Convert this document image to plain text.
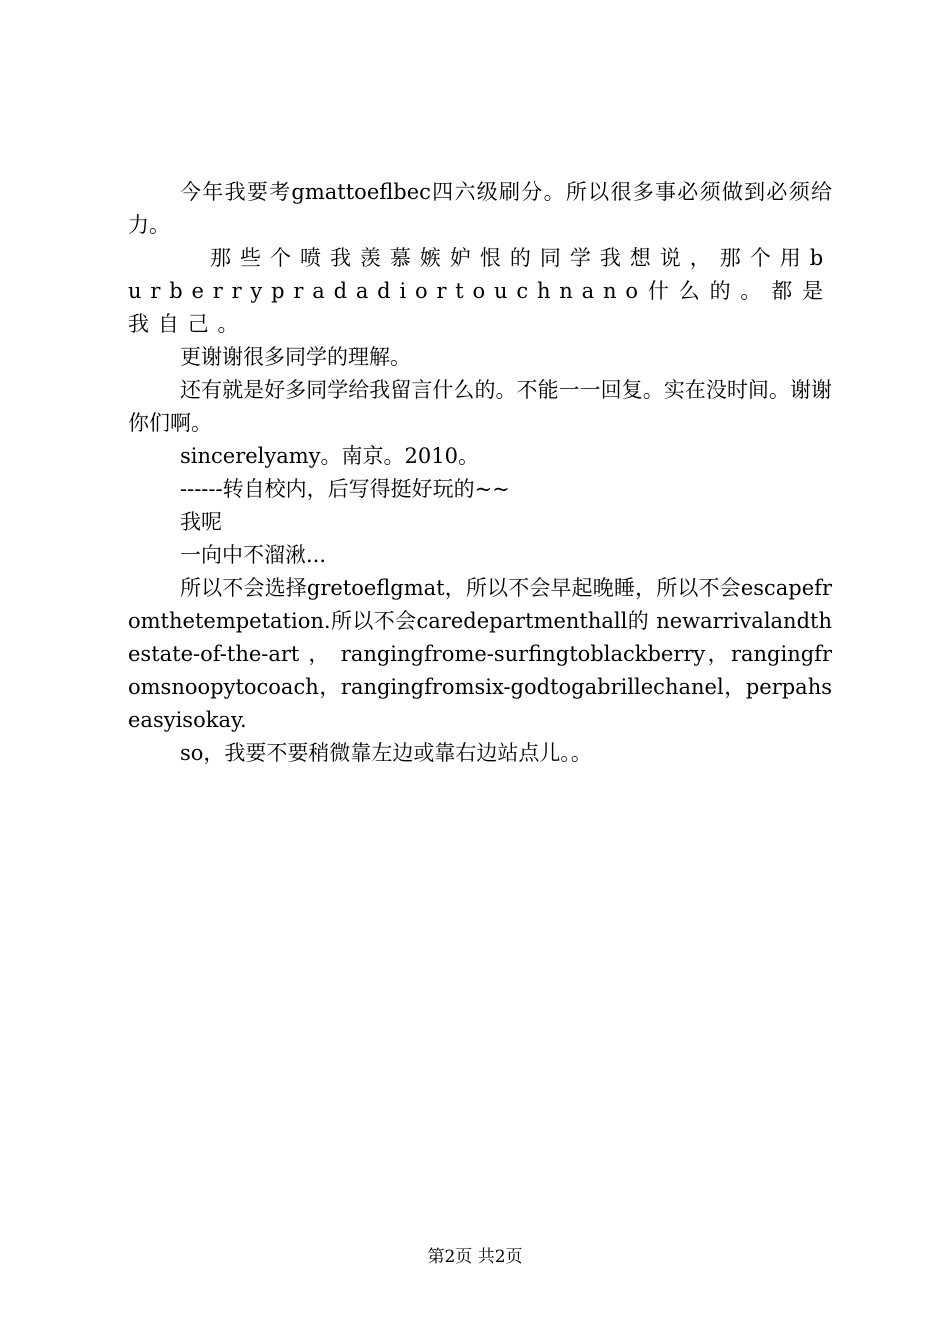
今年我要考gmattoeflbec四六级刷分。所以很多事必须做到必须给力。

那些个喷我羡慕嫉妒恨的同学我想说，那个用burberrypradadiortouchnano什么的。都是我自己。

更谢谢很多同学的理解。

还有就是好多同学给我留言什么的。不能一一回复。实在没时间。谢谢你们啊。

sincerelyamy。南京。2010。

------转自校内，后写得挺好玩的~~

我呢

一向中不溜湫...

所以不会选择gretoeflgmat，所以不会早起晚睡，所以不会escapefromthetempetation.所以不会caredepartmenthall的 newarrivalandthestate-of-the-art ， rangingfrome-surfingtoblackberry，rangingfromsnoopytocoach，rangingfromsix-godtogabrillechanel，perpahseasyisokay.

so，我要不要稍微靠左边或靠右边站点儿。。

第2页 共2页
